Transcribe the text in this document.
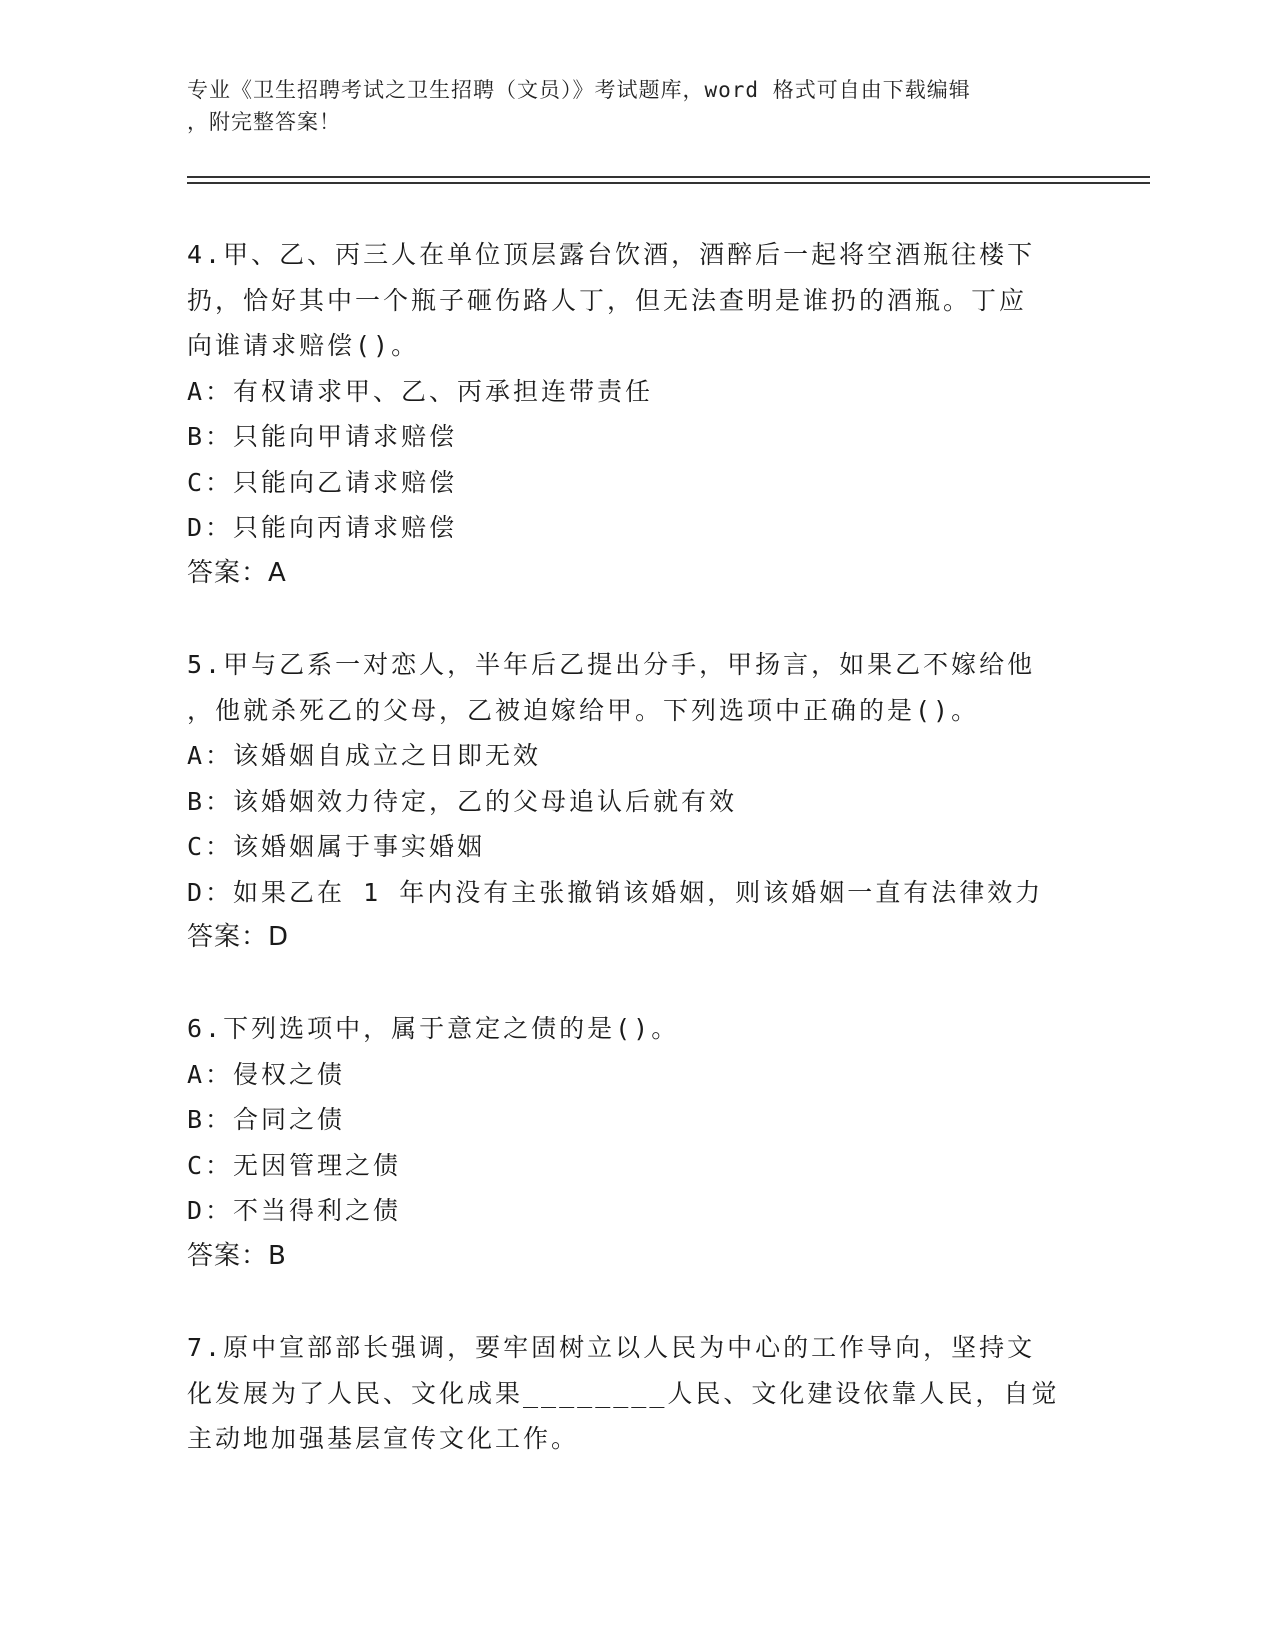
专业《卫生招聘考试之卫生招聘（文员）》考试题库，word 格式可自由下载编辑
，附完整答案！
4.甲、乙、丙三人在单位顶层露台饮酒，酒醉后一起将空酒瓶往楼下
扔，恰好其中一个瓶子砸伤路人丁，但无法查明是谁扔的酒瓶。丁应
向谁请求赔偿()。
A：有权请求甲、乙、丙承担连带责任
B：只能向甲请求赔偿
C：只能向乙请求赔偿
D：只能向丙请求赔偿
答案：A
5.甲与乙系一对恋人，半年后乙提出分手，甲扬言，如果乙不嫁给他
，他就杀死乙的父母，乙被迫嫁给甲。下列选项中正确的是()。
A：该婚姻自成立之日即无效
B：该婚姻效力待定，乙的父母追认后就有效
C：该婚姻属于事实婚姻
D：如果乙在 1 年内没有主张撤销该婚姻，则该婚姻一直有法律效力
答案：D
6.下列选项中，属于意定之债的是()。
A：侵权之债
B：合同之债
C：无因管理之债
D：不当得利之债
答案：B
7.原中宣部部长强调，要牢固树立以人民为中心的工作导向，坚持文
化发展为了人民、文化成果________人民、文化建设依靠人民，自觉
主动地加强基层宣传文化工作。
